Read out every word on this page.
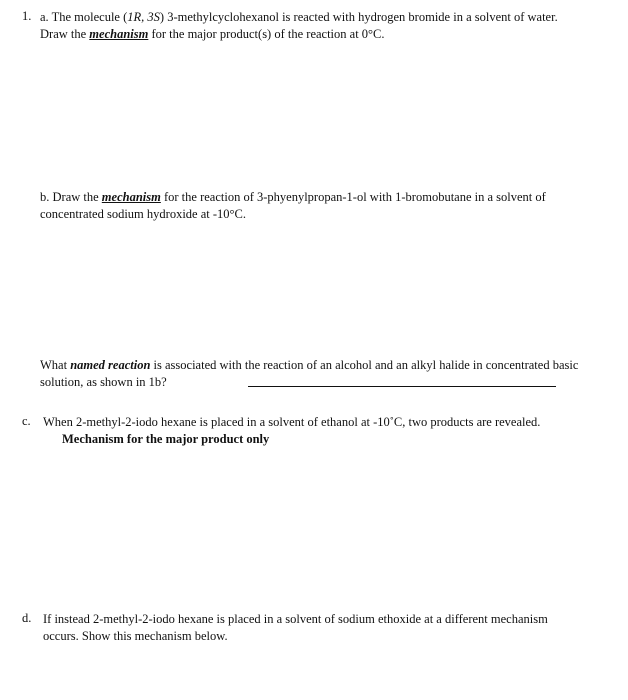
1. a. The molecule (1R, 3S) 3-methylcyclohexanol is reacted with hydrogen bromide in a solvent of water.
Draw the mechanism for the major product(s) of the reaction at 0°C.
b. Draw the mechanism for the reaction of 3-phyenylpropan-1-ol with 1-bromobutane in a solvent of
concentrated sodium hydroxide at -10°C.
What named reaction is associated with the reaction of an alcohol and an alkyl halide in concentrated basic
solution, as shown in 1b?
c. When 2-methyl-2-iodo hexane is placed in a solvent of ethanol at -10˚C, two products are revealed.
Mechanism for the major product only
d. If instead 2-methyl-2-iodo hexane is placed in a solvent of sodium ethoxide at a different mechanism
occurs. Show this mechanism below.
